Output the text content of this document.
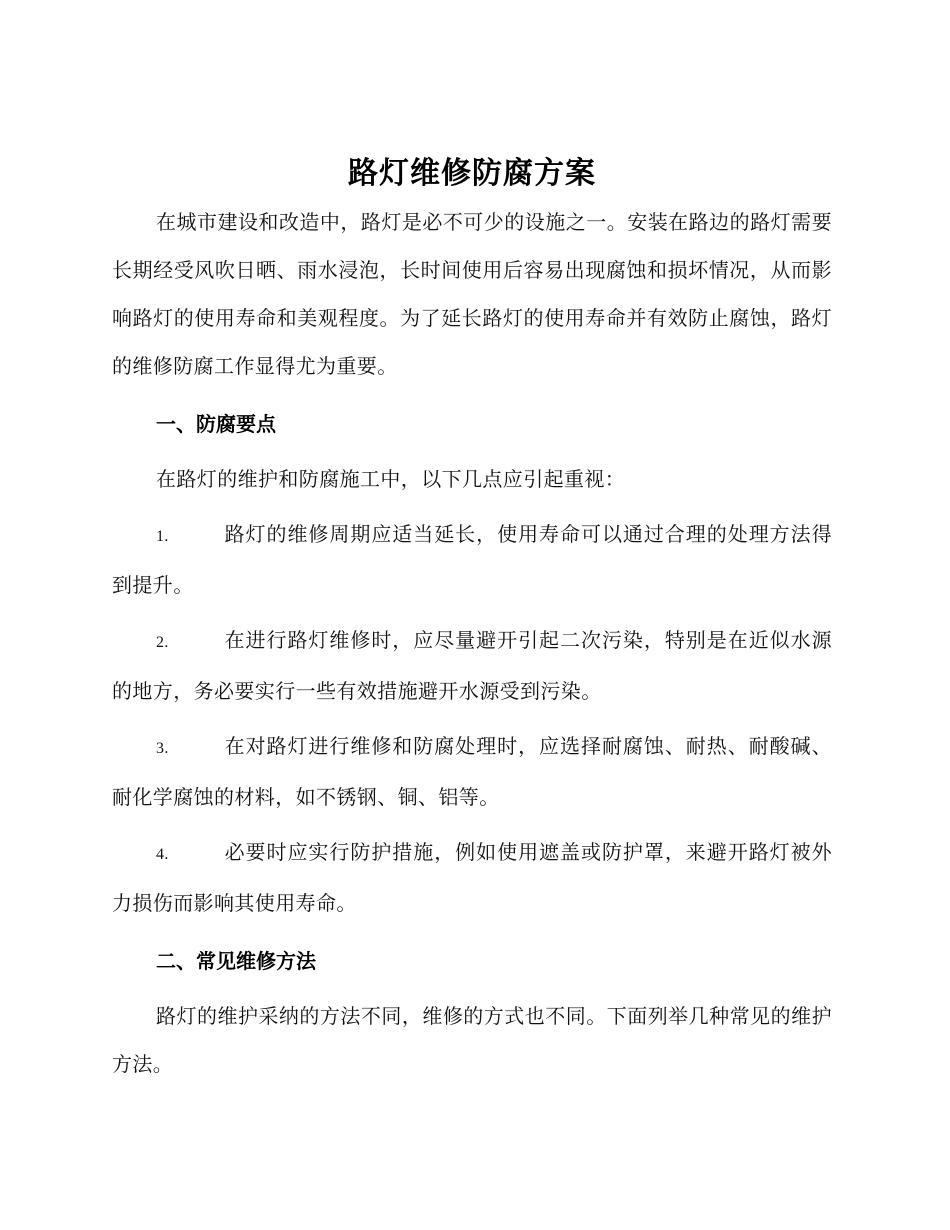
路灯维修防腐方案

在城市建设和改造中，路灯是必不可少的设施之一。安装在路边的路灯需要长期经受风吹日晒、雨水浸泡，长时间使用后容易出现腐蚀和损坏情况，从而影响路灯的使用寿命和美观程度。为了延长路灯的使用寿命并有效防止腐蚀，路灯的维修防腐工作显得尤为重要。

一、防腐要点

在路灯的维护和防腐施工中，以下几点应引起重视：

1.	路灯的维修周期应适当延长，使用寿命可以通过合理的处理方法得到提升。

2.	在进行路灯维修时，应尽量避开引起二次污染，特别是在近似水源的地方，务必要实行一些有效措施避开水源受到污染。

3.	在对路灯进行维修和防腐处理时，应选择耐腐蚀、耐热、耐酸碱、耐化学腐蚀的材料，如不锈钢、铜、铝等。

4.	必要时应实行防护措施，例如使用遮盖或防护罩，来避开路灯被外力损伤而影响其使用寿命。

二、常见维修方法

路灯的维护采纳的方法不同，维修的方式也不同。下面列举几种常见的维护方法。
